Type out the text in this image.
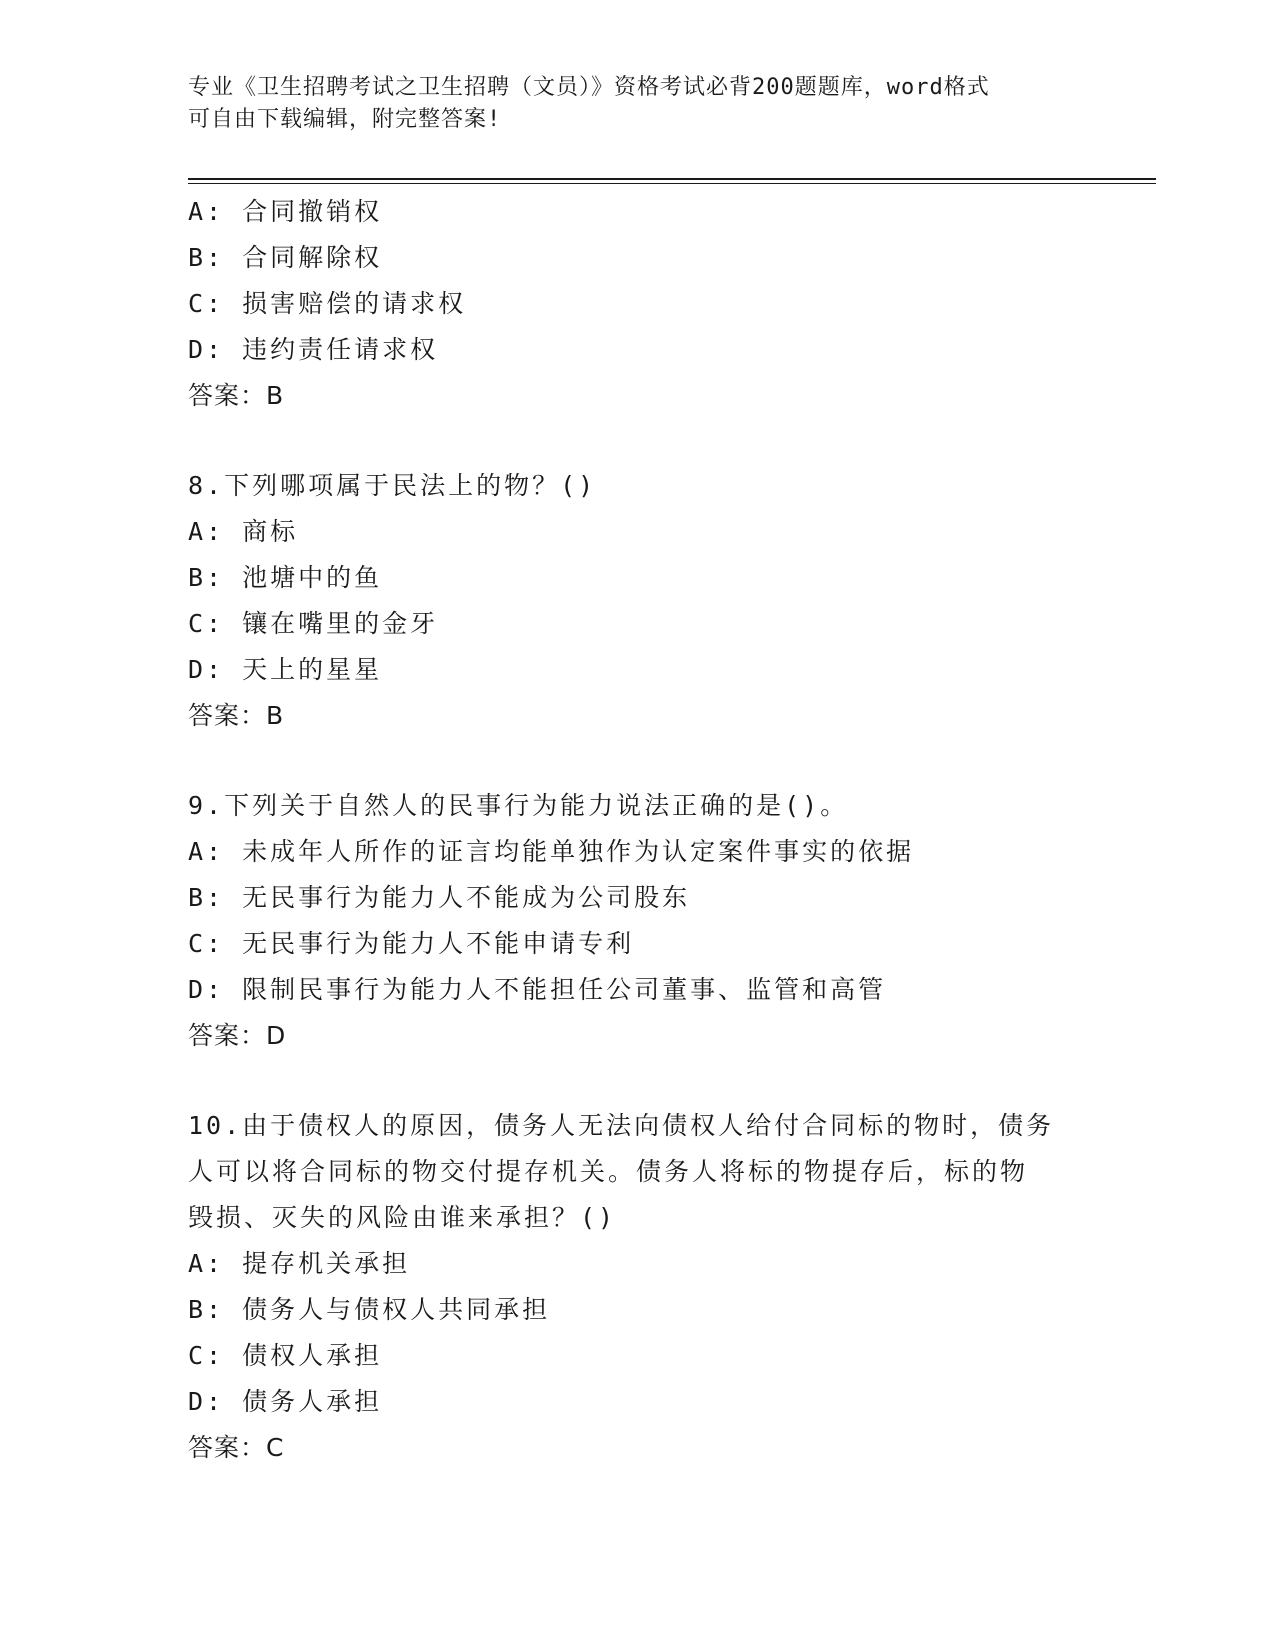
专业《卫生招聘考试之卫生招聘（文员）》资格考试必背200题题库，word格式
可自由下载编辑，附完整答案!
A: 合同撤销权
B: 合同解除权
C: 损害赔偿的请求权
D: 违约责任请求权
答案：B
8.下列哪项属于民法上的物？()
A: 商标
B: 池塘中的鱼
C: 镶在嘴里的金牙
D: 天上的星星
答案：B
9.下列关于自然人的民事行为能力说法正确的是()。
A: 未成年人所作的证言均能单独作为认定案件事实的依据
B: 无民事行为能力人不能成为公司股东
C: 无民事行为能力人不能申请专利
D: 限制民事行为能力人不能担任公司董事、监管和高管
答案：D
10.由于债权人的原因，债务人无法向债权人给付合同标的物时，债务
人可以将合同标的物交付提存机关。债务人将标的物提存后，标的物
毁损、灭失的风险由谁来承担？()
A: 提存机关承担
B: 债务人与债权人共同承担
C: 债权人承担
D: 债务人承担
答案：C
